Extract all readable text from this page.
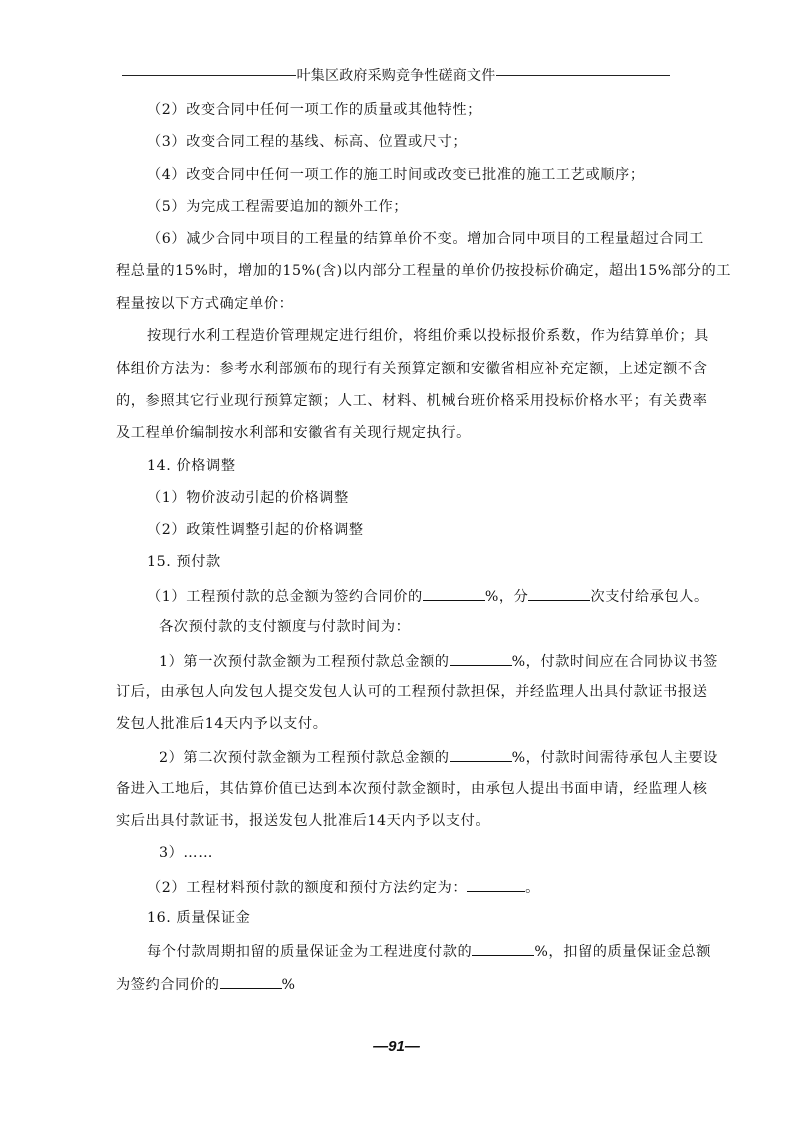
叶集区政府采购竞争性磋商文件
（2）改变合同中任何一项工作的质量或其他特性；
（3）改变合同工程的基线、标高、位置或尺寸；
（4）改变合同中任何一项工作的施工时间或改变已批准的施工工艺或顺序；
（5）为完成工程需要追加的额外工作；
（6）减少合同中项目的工程量的结算单价不变。增加合同中项目的工程量超过合同工
程总量的15%时，增加的15%(含)以内部分工程量的单价仍按投标价确定，超出15%部分的工
程量按以下方式确定单价：
按现行水利工程造价管理规定进行组价，将组价乘以投标报价系数，作为结算单价；具
体组价方法为：参考水利部颁布的现行有关预算定额和安徽省相应补充定额，上述定额不含
的，参照其它行业现行预算定额；人工、材料、机械台班价格采用投标价格水平；有关费率
及工程单价编制按水利部和安徽省有关现行规定执行。
14. 价格调整
（1）物价波动引起的价格调整
（2）政策性调整引起的价格调整
15. 预付款
（1）工程预付款的总金额为签约合同价的	%，分	次支付给承包人。
各次预付款的支付额度与付款时间为：
1）第一次预付款金额为工程预付款总金额的	%，付款时间应在合同协议书签
订后，由承包人向发包人提交发包人认可的工程预付款担保，并经监理人出具付款证书报送
发包人批准后14天内予以支付。
2）第二次预付款金额为工程预付款总金额的	%，付款时间需待承包人主要设
备进入工地后，其估算价值已达到本次预付款金额时，由承包人提出书面申请，经监理人核
实后出具付款证书，报送发包人批准后14天内予以支付。
3）……
（2）工程材料预付款的额度和预付方法约定为：	。
16. 质量保证金
每个付款周期扣留的质量保证金为工程进度付款的	%，扣留的质量保证金总额
为签约合同价的	%
—91—
